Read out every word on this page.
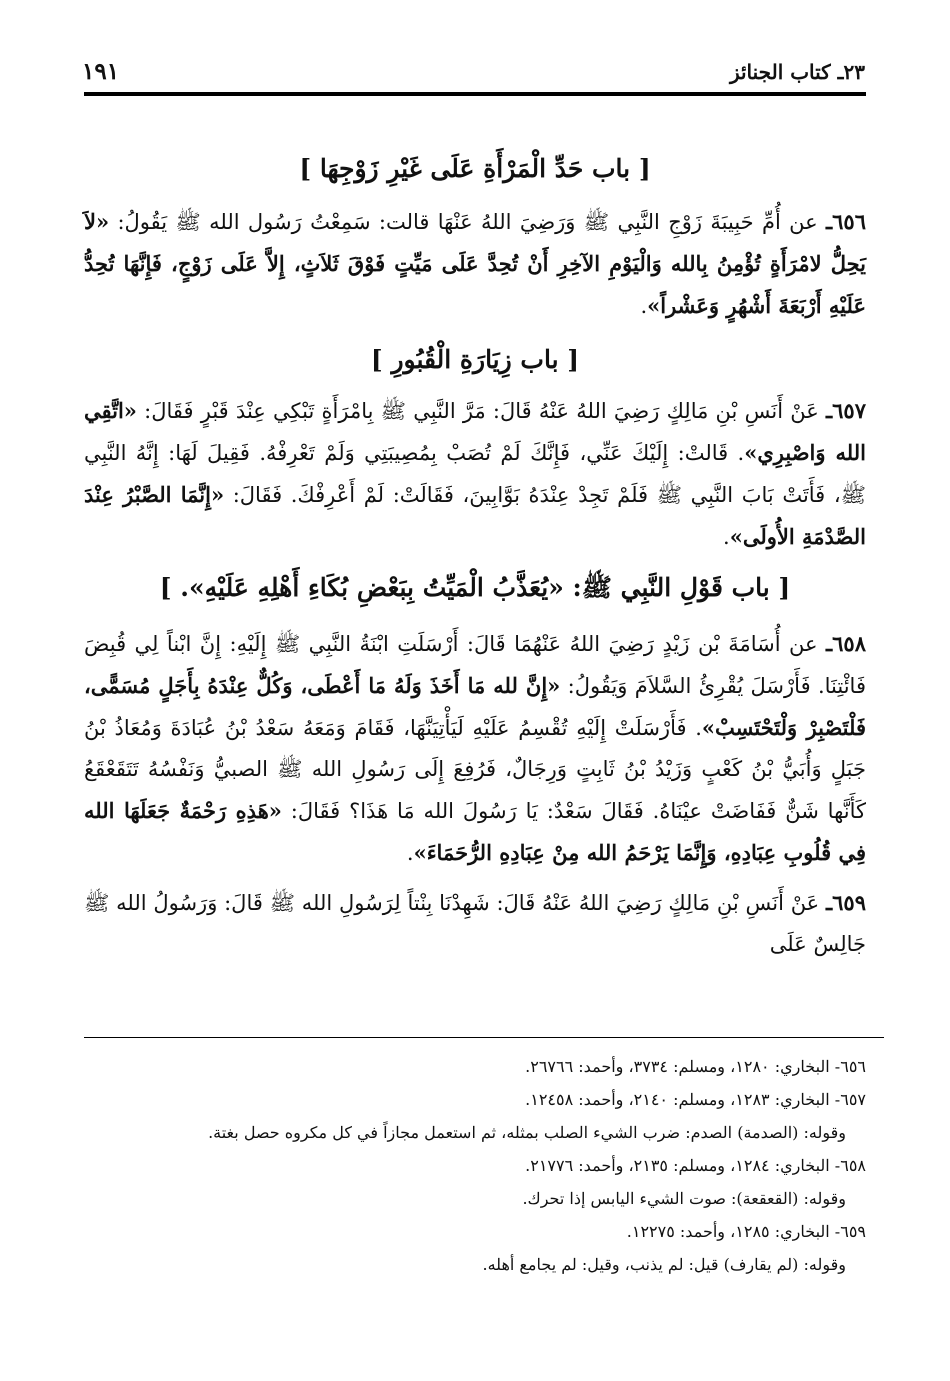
٢٣ـ كتاب الجنائز
١٩١
[ باب حَدِّ الْمَرْأَةِ عَلَى غَيْرِ زَوْجِهَا ]

٦٥٦ـ عن أُمِّ حَبِيبَةَ زَوْجِ النَّبِي ﷺ وَرَضِيَ اللهُ عَنْهَا قالت: سَمِعْتُ رَسُول الله ﷺ يَقُولُ: «لاَ يَحِلُّ لامْرَأَةٍ تُؤْمِنُ بِالله وَالْيَوْمِ الآخِرِ أَنْ تُحِدَّ عَلَى مَيِّتٍ فَوْقَ ثَلاَثٍ، إِلاَّ عَلَى زَوْجٍ، فَإِنَّهَا تُحِدُّ عَلَيْهِ أَرْبَعَةَ أَشْهُرٍ وَعَشْراً».

[ باب زِيَارَةِ الْقُبُورِ ]

٦٥٧ـ عَنْ أَنَسِ بْنِ مَالِكٍ رَضِيَ اللهُ عَنْهُ قَالَ: مَرَّ النَّبِي ﷺ بِامْرَأَةٍ تَبْكِي عِنْدَ قَبْرٍ فَقَالَ: «اتَّقِي الله وَاصْبِرِي». قَالتْ: إِلَيْكَ عَنِّي، فَإِنَّكَ لَمْ تُصَبْ بِمُصِيبَتِي وَلَمْ تَعْرِفْهُ. فَقِيلَ لَهَا: إِنَّهُ النَّبِي ﷺ، فَأَتَتْ بَابَ النَّبِي ﷺ فَلَمْ تَجِدْ عِنْدَهُ بَوَّابِينَ، فَقَالَتْ: لَمْ أَعْرِفْكَ. فَقَالَ: «إِنَّمَا الصَّبْرُ عِنْدَ الصَّدْمَةِ الأُولَى».

[ باب قَوْلِ النَّبِي ﷺ: «يُعَذَّبُ الْمَيِّتُ بِبَعْضِ بُكَاءِ أَهْلِهِ عَلَيْهِ». ]

٦٥٨ـ عن أُسَامَةَ بْن زَيْدٍ رَضِيَ اللهُ عَنْهُمَا قَالَ: أَرْسَلَتِ ابْنَةُ النَّبِي ﷺ إِلَيْهِ: إِنَّ ابْناً لِي قُبِضَ فَائْتِنَا. فَأَرْسَلَ يُقْرِئُ السَّلاَمَ وَيَقُولُ: «إِنَّ لله مَا أَخَذَ وَلَهُ مَا أَعْطَى، وَكُلٌّ عِنْدَهُ بِأَجَلٍ مُسَمًّى، فَلْتَصْبِرْ وَلْتَحْتَسِبْ». فَأَرْسَلَتْ إِلَيْهِ تُقْسِمُ عَلَيْهِ لَيَأْتِيَنَّهَا، فَقَامَ وَمَعَهُ سَعْدُ بْنُ عُبَادَةَ وَمُعَاذُ بْنُ جَبَلٍ وَأُبَيُّ بْنُ كَعْبٍ وَزَيْدُ بْنُ ثَابِتٍ وَرِجَالٌ، فَرُفِعَ إِلَى رَسُولِ الله ﷺ الصبيُّ وَنَفْسُهُ تَتَقَعْقَعُ كَأَنَّها شَنٌّ فَفَاضَتْ عيْنَاهُ. فَقَالَ سَعْدٌ: يَا رَسُولَ الله مَا هَذَا؟ فَقَالَ: «هَذِهِ رَحْمَةٌ جَعَلَهَا الله فِي قُلُوبِ عِبَادِهِ، وَإِنَّمَا يَرْحَمُ الله مِنْ عِبَادِهِ الرُّحَمَاءَ».

٦٥٩ـ عَنْ أَنَسِ بْنِ مَالِكٍ رَضِيَ اللهُ عَنْهُ قَالَ: شَهِدْنَا بِنْتاً لِرَسُولِ الله ﷺ قَالَ: وَرَسُولُ الله ﷺ جَالِسٌ عَلَى

٦٥٦- البخاري: ١٢٨٠، ومسلم: ٣٧٣٤، وأحمد: ٢٦٧٦٦.

٦٥٧- البخاري: ١٢٨٣، ومسلم: ٢١٤٠، وأحمد: ١٢٤٥٨.

وقوله: (الصدمة) الصدم: ضرب الشيء الصلب بمثله، ثم استعمل مجازاً في كل مكروه حصل بغتة.

٦٥٨- البخاري: ١٢٨٤، ومسلم: ٢١٣٥، وأحمد: ٢١٧٧٦.

وقوله: (القعقعة): صوت الشيء اليابس إذا تحرك.

٦٥٩- البخاري: ١٢٨٥، وأحمد: ١٢٢٧٥.

وقوله: (لم يقارف) قيل: لم يذنب، وقيل: لم يجامع أهله.
